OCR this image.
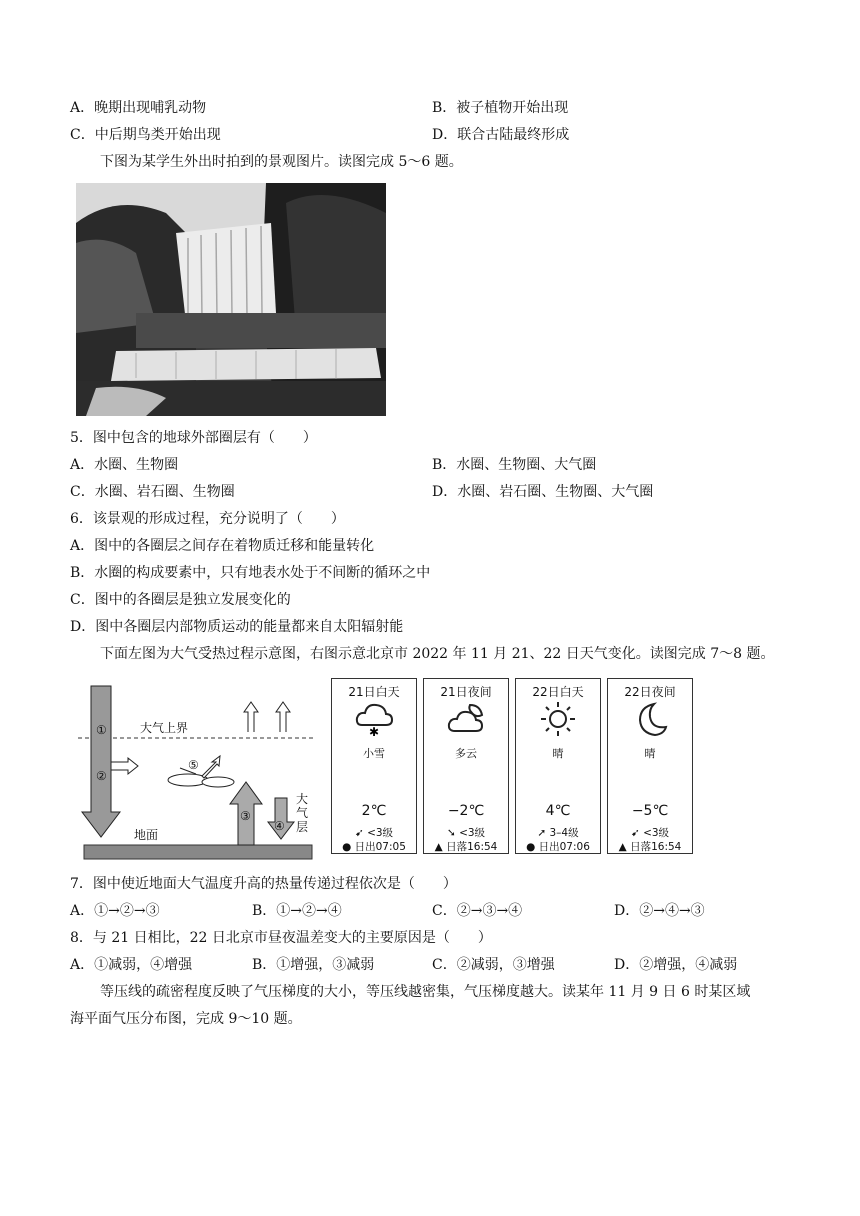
A．晚期出现哺乳动物	B．被子植物开始出现
C．中后期鸟类开始出现	D．联合古陆最终形成
下图为某学生外出时拍到的景观图片。读图完成 5～6 题。
5．图中包含的地球外部圈层有（　　）
A．水圈、生物圈	B．水圈、生物圈、大气圈
C．水圈、岩石圈、生物圈	D．水圈、岩石圈、生物圈、大气圈
6．该景观的形成过程，充分说明了（　　）
A．图中的各圈层之间存在着物质迁移和能量转化
B．水圈的构成要素中，只有地表水处于不间断的循环之中
C．图中的各圈层是独立发展变化的
D．图中各圈层内部物质运动的能量都来自太阳辐射能
下面左图为大气受热过程示意图，右图示意北京市 2022 年 11 月 21、22 日天气变化。读图完成 7～8 题。
①
②
③
④
⑤
大气上界
地面
大气层
21日白天
✱
小雪
2℃
➹ <3级
● 日出07:05
21日夜间
多云
−2℃
➘ <3级
▲ 日落16:54
22日白天
晴
4℃
➚ 3–4级
● 日出07:06
22日夜间
晴
−5℃
➹ <3级
▲ 日落16:54
7．图中使近地面大气温度升高的热量传递过程依次是（　　）
A．①→②→③	B．①→②→④	C．②→③→④	D．②→④→③
8．与 21 日相比，22 日北京市昼夜温差变大的主要原因是（　　）
A．①减弱，④增强	B．①增强，③减弱	C．②减弱，③增强	D．②增强，④减弱
等压线的疏密程度反映了气压梯度的大小，等压线越密集，气压梯度越大。读某年 11 月 9 日 6 时某区域
海平面气压分布图，完成 9～10 题。
